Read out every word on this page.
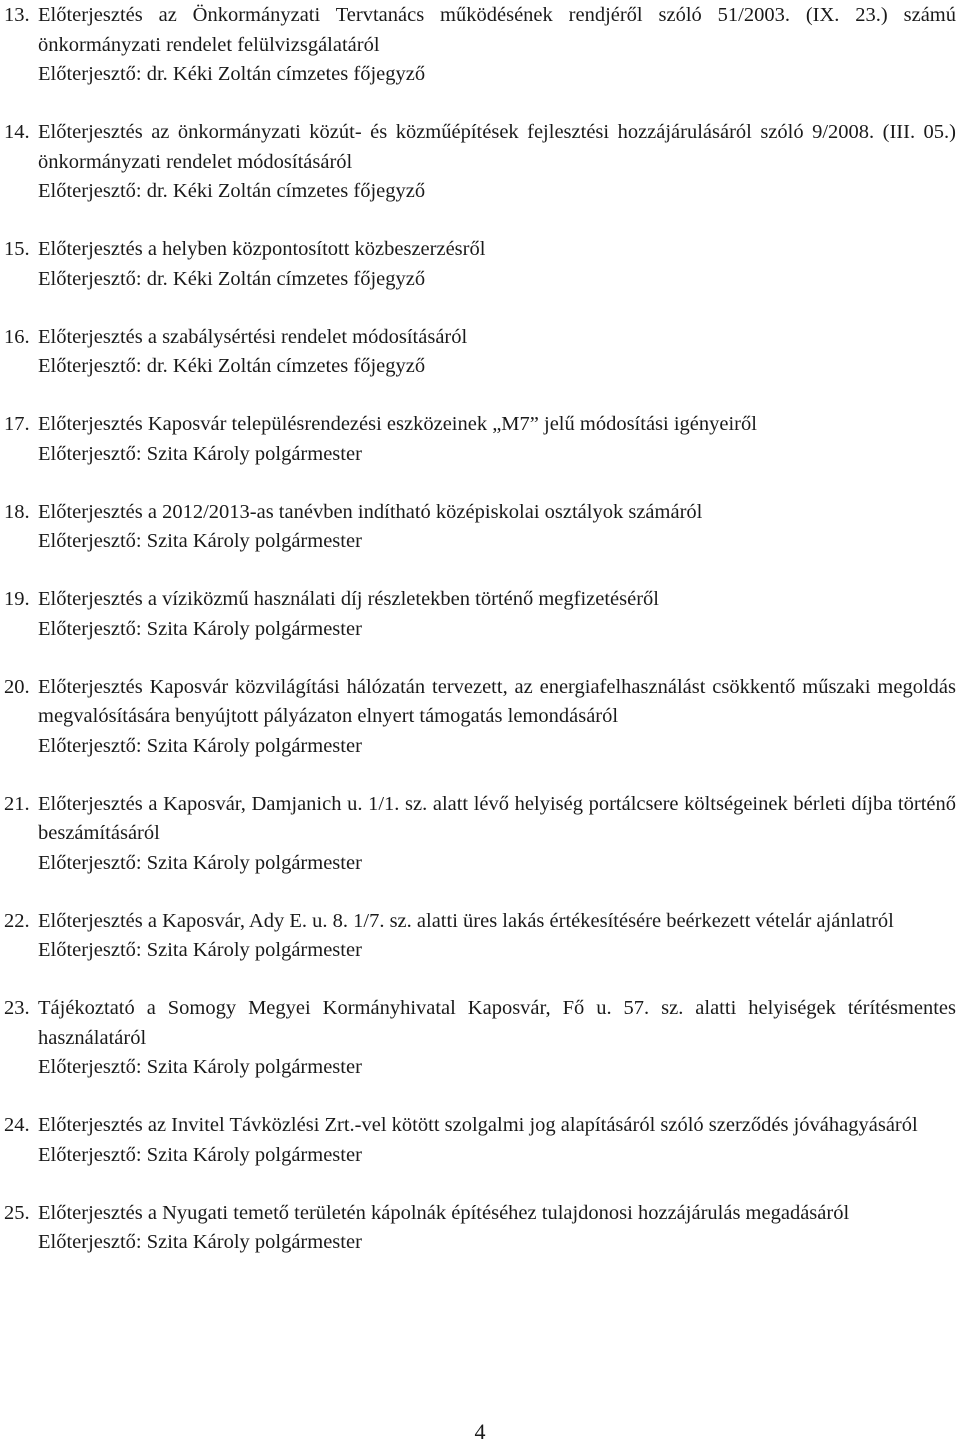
13. Előterjesztés az Önkormányzati Tervtanács működésének rendjéről szóló 51/2003. (IX. 23.) számú önkormányzati rendelet felülvizsgálatáról
Előterjesztő: dr. Kéki Zoltán címzetes főjegyző
14. Előterjesztés az önkormányzati közút- és közműépítések fejlesztési hozzájárulásáról szóló 9/2008. (III. 05.) önkormányzati rendelet módosításáról
Előterjesztő: dr. Kéki Zoltán címzetes főjegyző
15. Előterjesztés a helyben központosított közbeszerzésről
Előterjesztő: dr. Kéki Zoltán címzetes főjegyző
16. Előterjesztés a szabálysértési rendelet módosításáról
Előterjesztő: dr. Kéki Zoltán címzetes főjegyző
17. Előterjesztés Kaposvár településrendezési eszközeinek „M7” jelű módosítási igényeiről
Előterjesztő: Szita Károly polgármester
18. Előterjesztés a 2012/2013-as tanévben indítható középiskolai osztályok számáról
Előterjesztő: Szita Károly polgármester
19. Előterjesztés a víziközmű használati díj részletekben történő megfizetéséről
Előterjesztő: Szita Károly polgármester
20. Előterjesztés Kaposvár közvilágítási hálózatán tervezett, az energiafelhasználást csökkentő műszaki megoldás megvalósítására benyújtott pályázaton elnyert támogatás lemondásáról
Előterjesztő: Szita Károly polgármester
21. Előterjesztés a Kaposvár, Damjanich u. 1/1. sz. alatt lévő helyiség portálcsere költségeinek bérleti díjba történő beszámításáról
Előterjesztő: Szita Károly polgármester
22. Előterjesztés a Kaposvár, Ady E. u. 8. 1/7. sz. alatti üres lakás értékesítésére beérkezett vételár ajánlatról
Előterjesztő: Szita Károly polgármester
23. Tájékoztató a Somogy Megyei Kormányhivatal Kaposvár, Fő u. 57. sz. alatti helyiségek térítésmentes használatáról
Előterjesztő: Szita Károly polgármester
24. Előterjesztés az Invitel Távközlési Zrt.-vel kötött szolgalmi jog alapításáról szóló szerződés jóváhagyásáról
Előterjesztő: Szita Károly polgármester
25. Előterjesztés a Nyugati temető területén kápolnák építéséhez tulajdonosi hozzájárulás megadásáról
Előterjesztő: Szita Károly polgármester
4
